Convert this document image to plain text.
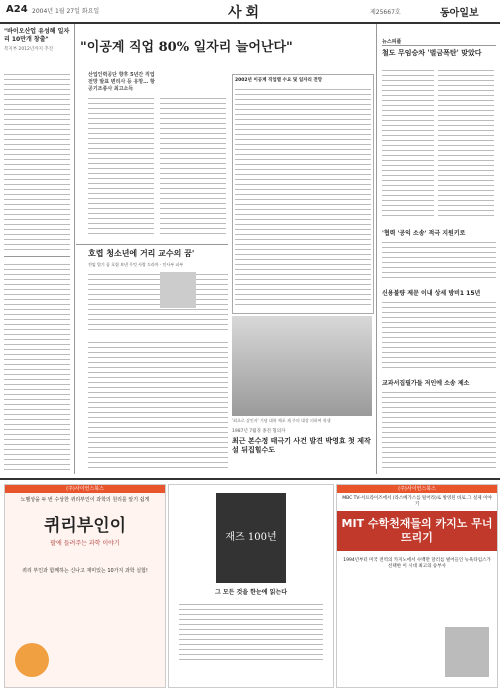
A24 2004년 1월 27일 화요일	사회	제25667호	동아일보
"바이오산업 유성해 일자리 10만개 창출"
복지부 2012년까지 추진	"이공계 직업 80% 일자리 늘어난다"
산업인력공단 향후 5년간 직업전망 발표 변리사 등 유망… 항공기조종사 최고소득
2002년 이공계 직업별 수요 및 일자리 전망
뉴스피플
철도 무임승차 '벌금폭탄' 맞았다
'협력 '공익 소송' 적극 지원키로
신용불량 제문 이내 상세 방비1 15년
교과서집필가들 저인에 소송 제소
호렵 청소년에 거리 교수의 꿈'
전임 열기 꿈 호렵 보낸 무엇 사랑 드라마 · 인사부 피부
'최초로 살인자' 기념 대학 체포 제 주의 대상 의하여 학생
1987년 7월경 종전 혐의자
최근 본수정 태극기 사건 발견 박영효 첫 제작설 뒤집힐수도
(주)사이언스북스
노벨상을 두 번 수상한 퀴리부인이 과학의 원리를 알기 쉽게
퀴리부인이
팔에 들려주는 과학 이야기
퀴리 부인과 함께하는 신나고 재미있는 10가지 과학 실험!
재즈 100년
그 모든 것을 한눈에 읽는다
(주)사이언스북스
MBC TV-서프라이즈에서 (라스베가스를 털어라)로 방영된 바로 그 실제 이야기
MIT 수학천재들의 카지노 무너뜨리기
1994년부터 미국 전역의 카지노에서 수백만 달러를 벌어들인 뉴욕타임스가 선택한 이 시대 최고의 승부사
